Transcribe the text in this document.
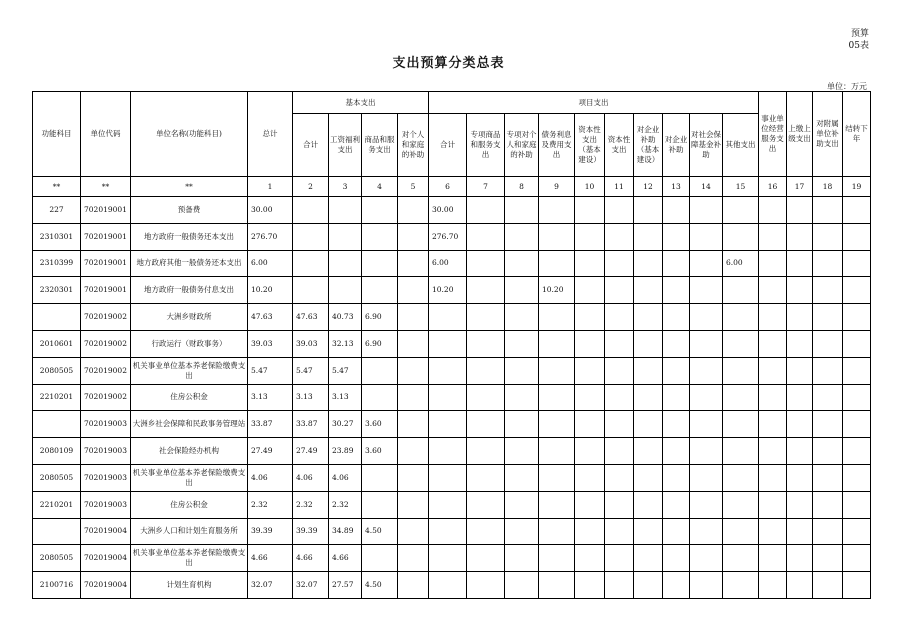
预算
05表
支出预算分类总表
单位：万元
功能科目	单位代码	单位名称(功能科目)	总计	基本支出				项目支出										事业单位经营服务支出	上缴上级支出	对附属单位补助支出	结转下年
				合计	工资福利支出	商品和服务支出	对个人和家庭的补助	合计	专项商品和服务支出	专项对个人和家庭的补助	债务利息及费用支出	资本性支出（基本建设）	资本性支出	对企业补助（基本建设）	对企业补助	对社会保障基金补助	其他支出				
**	**	**	1	2	3	4	5	6	7	8	9	10	11	12	13	14	15	16	17	18	19
227	702019001	预备费	30.00					30.00													
2310301	702019001	地方政府一般债务还本支出	276.70					276.70													
2310399	702019001	地方政府其他一般债务还本支出	6.00					6.00									6.00				
2320301	702019001	地方政府一般债务付息支出	10.20					10.20			10.20										
	702019002	大洲乡财政所	47.63	47.63	40.73	6.90															
2010601	702019002	行政运行（财政事务）	39.03	39.03	32.13	6.90															
2080505	702019002	机关事业单位基本养老保险缴费支出	5.47	5.47	5.47																
2210201	702019002	住房公积金	3.13	3.13	3.13																
	702019003	大洲乡社会保障和民政事务管理站	33.87	33.87	30.27	3.60															
2080109	702019003	社会保险经办机构	27.49	27.49	23.89	3.60															
2080505	702019003	机关事业单位基本养老保险缴费支出	4.06	4.06	4.06																
2210201	702019003	住房公积金	2.32	2.32	2.32																
	702019004	大洲乡人口和计划生育服务所	39.39	39.39	34.89	4.50															
2080505	702019004	机关事业单位基本养老保险缴费支出	4.66	4.66	4.66																
2100716	702019004	计划生育机构	32.07	32.07	27.57	4.50															
